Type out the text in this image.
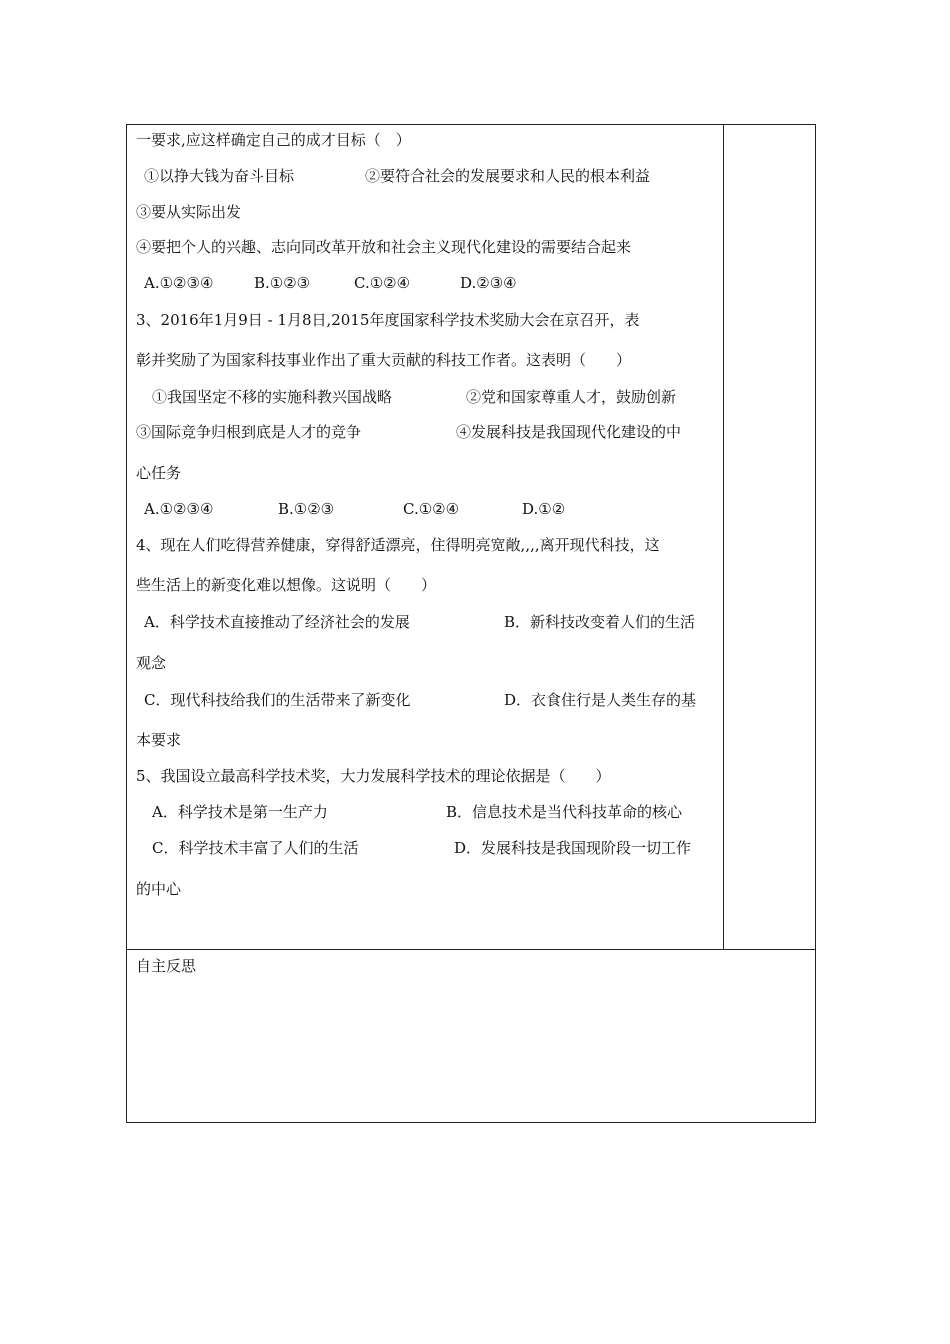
一要求,应这样确定自己的成才目标（　）
①以挣大钱为奋斗目标	②要符合社会的发展要求和人民的根本利益
③要从实际出发
④要把个人的兴趣、志向同改革开放和社会主义现代化建设的需要结合起来
A.①②③④	B.①②③	C.①②④	D.②③④
3、2016年1月9日 - 1月8日,2015年度国家科学技术奖励大会在京召开，表
彰并奖励了为国家科技事业作出了重大贡献的科技工作者。这表明（　　）
①我国坚定不移的实施科教兴国战略	②党和国家尊重人才，鼓励创新
③国际竞争归根到底是人才的竞争	④发展科技是我国现代化建设的中
心任务
A.①②③④	B.①②③	C.①②④	D.①②
4、现在人们吃得营养健康，穿得舒适漂亮，住得明亮宽敞,,,,离开现代科技，这
些生活上的新变化难以想像。这说明（　　）
A．科学技术直接推动了经济社会的发展	B．新科技改变着人们的生活
观念
C．现代科技给我们的生活带来了新变化	D．衣食住行是人类生存的基
本要求
5、我国设立最高科学技术奖，大力发展科学技术的理论依据是（　　）
A．科学技术是第一生产力	B．信息技术是当代科技革命的核心
C．科学技术丰富了人们的生活	D．发展科技是我国现阶段一切工作
的中心
自主反思
